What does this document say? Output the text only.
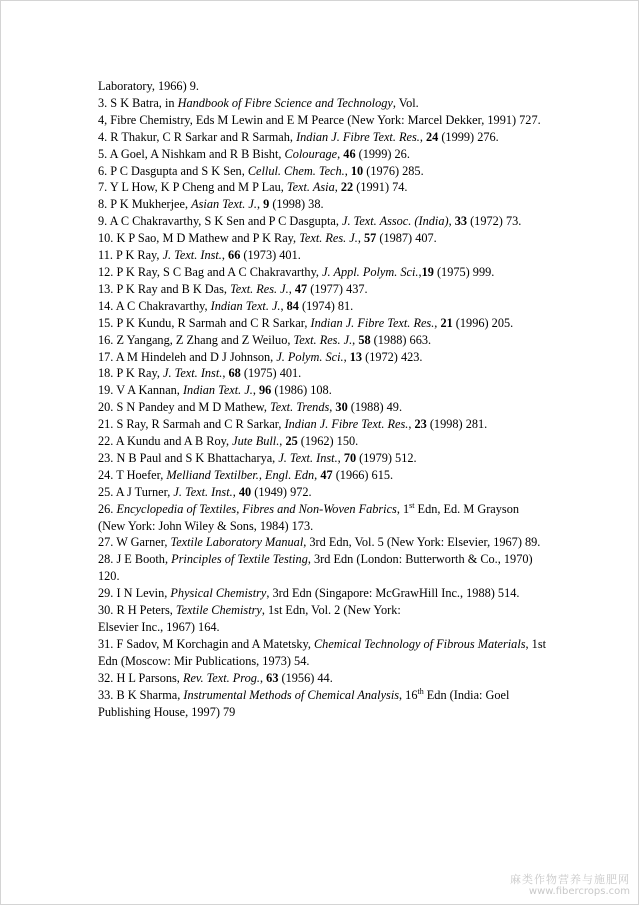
Laboratory, 1966) 9.

3. S K Batra, in Handbook of Fibre Science and Technology, Vol.

4, Fibre Chemistry, Eds M Lewin and E M Pearce (New York: Marcel Dekker, 1991) 727.

4. R Thakur, C R Sarkar and R Sarmah, Indian J. Fibre Text. Res., 24 (1999) 276.

5. A Goel, A Nishkam and R B Bisht, Colourage, 46 (1999) 26.

6. P C Dasgupta and S K Sen, Cellul. Chem. Tech., 10 (1976) 285.

7. Y L How, K P Cheng and M P Lau, Text. Asia, 22 (1991) 74.

8. P K Mukherjee, Asian Text. J., 9 (1998) 38.

9. A C Chakravarthy, S K Sen and P C Dasgupta, J. Text. Assoc. (India), 33 (1972) 73.

10. K P Sao, M D Mathew and P K Ray, Text. Res. J., 57 (1987) 407.

11. P K Ray, J. Text. Inst., 66 (1973) 401.

12. P K Ray, S C Bag and A C Chakravarthy, J. Appl. Polym. Sci.,19 (1975) 999.

13. P K Ray and B K Das, Text. Res. J., 47 (1977) 437.

14. A C Chakravarthy, Indian Text. J., 84 (1974) 81.

15. P K Kundu, R Sarmah and C R Sarkar, Indian J. Fibre Text. Res., 21 (1996) 205.

16. Z Yangang, Z Zhang and Z Weiluo, Text. Res. J., 58 (1988) 663.

17. A M Hindeleh and D J Johnson, J. Polym. Sci., 13 (1972) 423.

18. P K Ray, J. Text. Inst., 68 (1975) 401.

19. V A Kannan, Indian Text. J., 96 (1986) 108.

20. S N Pandey and M D Mathew, Text. Trends, 30 (1988) 49.

21. S Ray, R Sarmah and C R Sarkar, Indian J. Fibre Text. Res., 23 (1998) 281.

22. A Kundu and A B Roy, Jute Bull., 25 (1962) 150.

23. N B Paul and S K Bhattacharya, J. Text. Inst., 70 (1979) 512.

24. T Hoefer, Melliand Textilber., Engl. Edn, 47 (1966) 615.

25. A J Turner, J. Text. Inst., 40 (1949) 972.

26. Encyclopedia of Textiles, Fibres and Non-Woven Fabrics, 1st Edn, Ed. M Grayson (New York: John Wiley & Sons, 1984) 173.

27. W Garner, Textile Laboratory Manual, 3rd Edn, Vol. 5 (New York: Elsevier, 1967) 89.

28. J E Booth, Principles of Textile Testing, 3rd Edn (London: Butterworth & Co., 1970) 120.

29. I N Levin, Physical Chemistry, 3rd Edn (Singapore: McGrawHill Inc., 1988) 514.

30. R H Peters, Textile Chemistry, 1st Edn, Vol. 2 (New York:

Elsevier Inc., 1967) 164.

31. F Sadov, M Korchagin and A Matetsky, Chemical Technology of Fibrous Materials, 1st Edn (Moscow: Mir Publications, 1973) 54.

32. H L Parsons, Rev. Text. Prog., 63 (1956) 44.

33. B K Sharma, Instrumental Methods of Chemical Analysis, 16th Edn (India: Goel Publishing House, 1997) 79

麻类作物营养与施肥网
www.fibercrops.com
